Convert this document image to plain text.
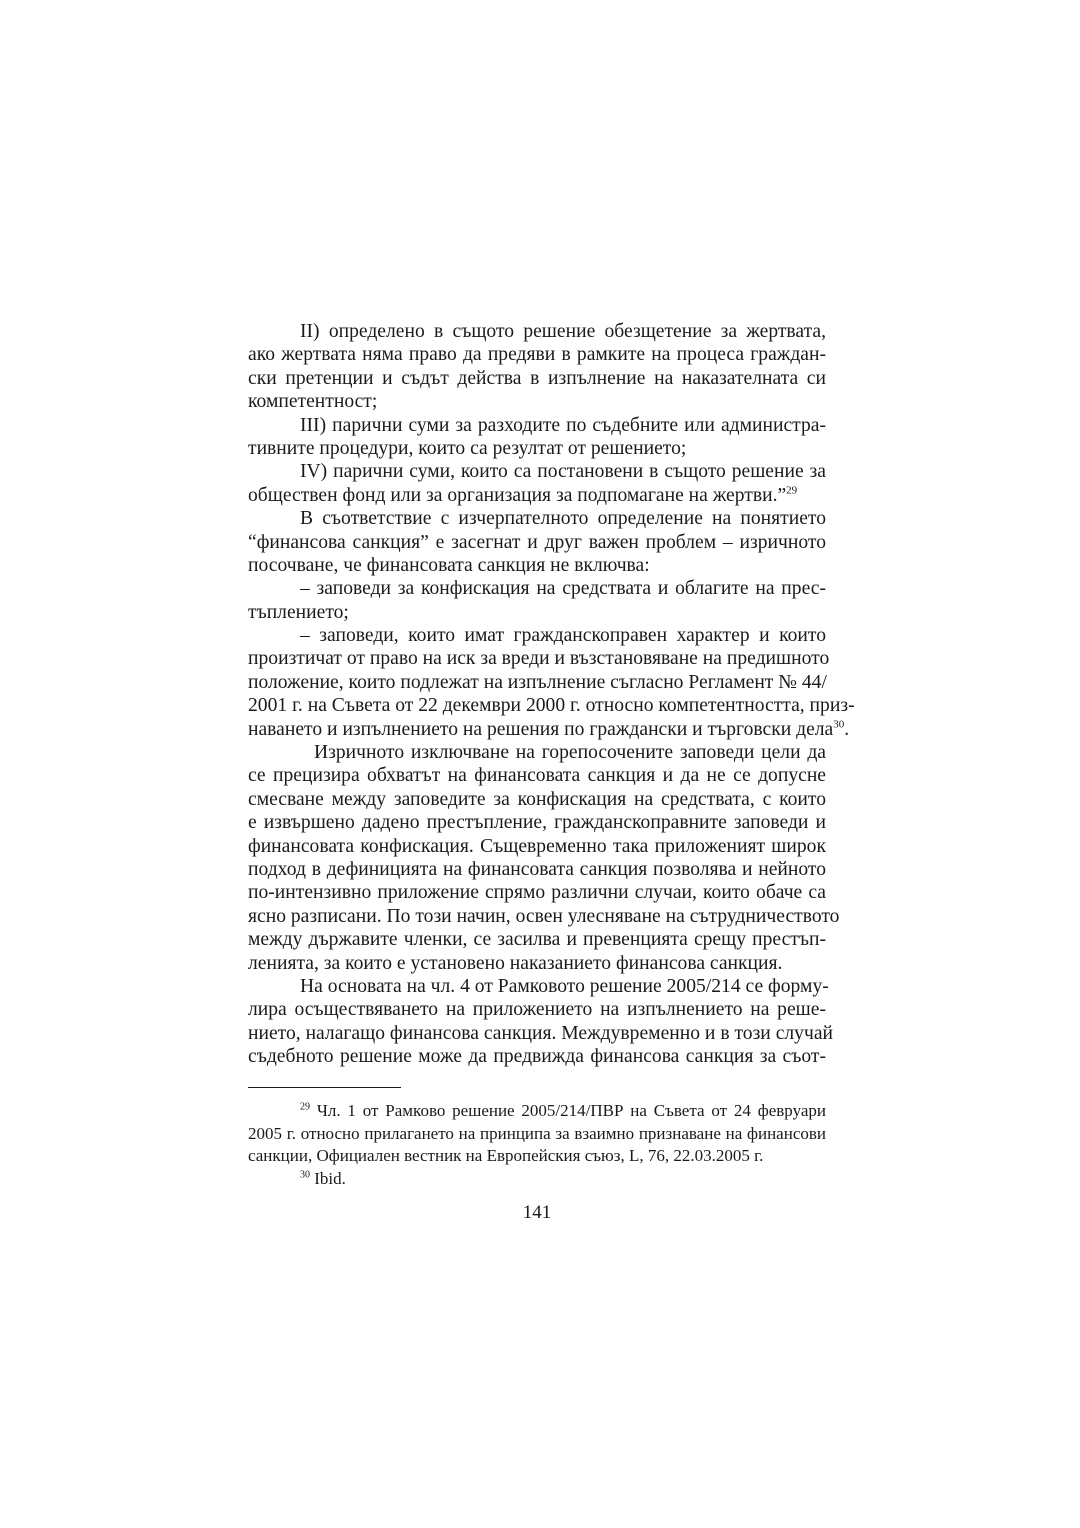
II) определено в същото решение обезщетение за жертвата,
ако жертвата няма право да предяви в рамките на процеса граждан-
ски претенции и съдът действа в изпълнение на наказателната си
компетентност;
III) парични суми за разходите по съдебните или администра-
тивните процедури, които са резултат от решението;
IV) парични суми, които са постановени в същото решение за
обществен фонд или за организация за подпомагане на жертви.”$^{29}$
В съответствие с изчерпателното определение на понятието
“финансова санкция” е засегнат и друг важен проблем – изричното
посочване, че финансовата санкция не включва:
– заповеди за конфискация на средствата и облагите на прес-
тъплението;
– заповеди, които имат гражданскоправен характер и които
произтичат от право на иск за вреди и възстановяване на предишното
положение, които подлежат на изпълнение съгласно Регламент № 44/
2001 г. на Съвета от 22 декември 2000 г. относно компетентността, приз-
наването и изпълнението на решения по граждански и търговски дела$^{30}$.
Изричното изключване на горепосочените заповеди цели да
се прецизира обхватът на финансовата санкция и да не се допусне
смесване между заповедите за конфискация на средствата, с които
е извършено дадено престъпление, гражданскоправните заповеди и
финансовата конфискация. Същевременно така приложеният широк
подход в дефиницията на финансовата санкция позволява и нейното
по-интензивно приложение спрямо различни случаи, които обаче са
ясно разписани. По този начин, освен улесняване на сътрудничеството
между държавите членки, се засилва и превенцията срещу престъп-
ленията, за които е установено наказанието финансова санкция.
На основата на чл. 4 от Рамковото решение 2005/214 се форму-
лира осъществяването на приложението на изпълнението на реше-
нието, налагащо финансова санкция. Междувременно и в този случай
съдебното решение може да предвижда финансова санкция за съот-
$^{29}$ Чл. 1 от Рамково решение 2005/214/ПВР на Съвета от 24 февруари
2005 г. относно прилагането на принципа за взаимно признаване на финансови
санкции, Официален вестник на Европейския съюз, L, 76, 22.03.2005 г.
$^{30}$ Ibid.
141
